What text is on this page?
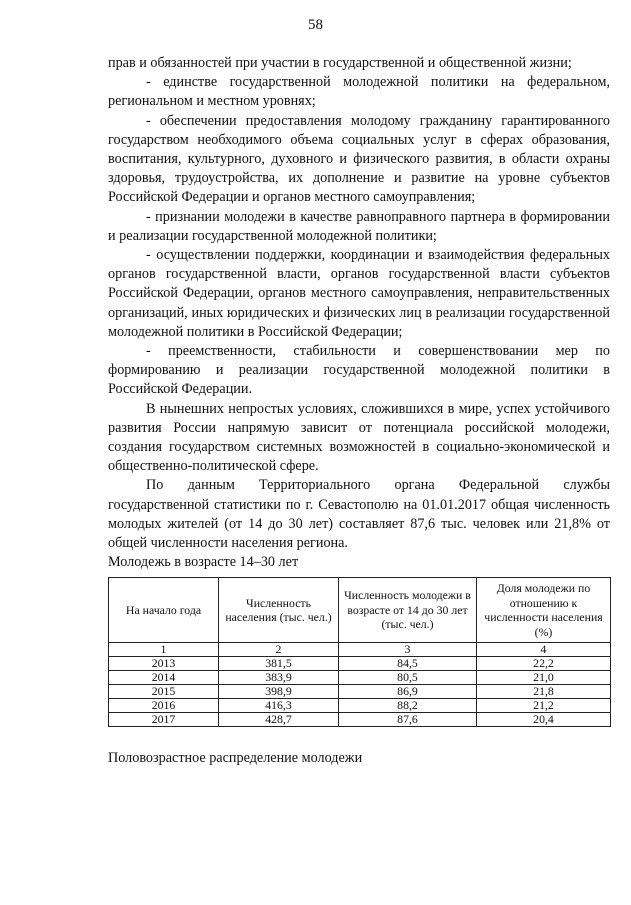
58

прав и обязанностей при участии в государственной и общественной жизни;

- единстве государственной молодежной политики на федеральном, региональном и местном уровнях;

- обеспечении предоставления молодому гражданину гарантированного государством необходимого объема социальных услуг в сферах образования, воспитания, культурного, духовного и физического развития, в области охраны здоровья, трудоустройства, их дополнение и развитие на уровне субъектов Российской Федерации и органов местного самоуправления;

- признании молодежи в качестве равноправного партнера в формировании и реализации государственной молодежной политики;

- осуществлении поддержки, координации и взаимодействия федеральных органов государственной власти, органов государственной власти субъектов Российской Федерации, органов местного самоуправления, неправительственных организаций, иных юридических и физических лиц в реализации государственной молодежной политики в Российской Федерации;

- преемственности, стабильности и совершенствовании мер по формированию и реализации государственной молодежной политики в Российской Федерации.

В нынешних непростых условиях, сложившихся в мире, успех устойчивого развития России напрямую зависит от потенциала российской молодежи, создания государством системных возможностей в социально-экономической и общественно-политической сфере.

По данным Территориального органа Федеральной службы государственной статистики по г. Севастополю на 01.01.2017 общая численность молодых жителей (от 14 до 30 лет) составляет 87,6 тыс. человек или 21,8% от общей численности населения региона.

Молодежь в возрасте 14–30 лет

На начало года	Численность населения (тыс. чел.)	Численность молодежи в возрасте от 14 до 30 лет (тыс. чел.)	Доля молодежи по отношению к численности населения (%)
1	2	3	4
2013	381,5	84,5	22,2
2014	383,9	80,5	21,0
2015	398,9	86,9	21,8
2016	416,3	88,2	21,2
2017	428,7	87,6	20,4
Половозрастное распределение молодежи
